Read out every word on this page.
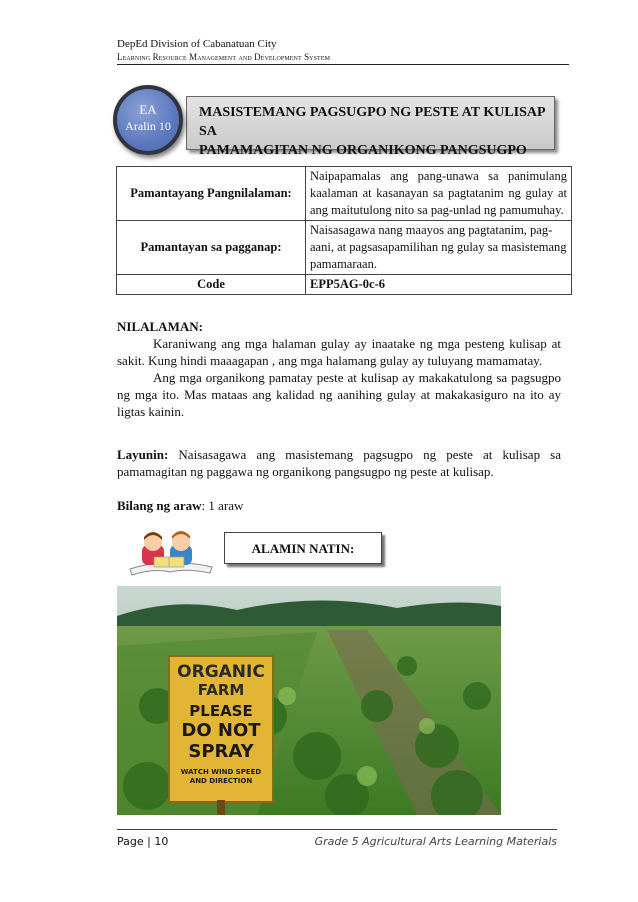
DepEd Division of Cabanatuan City
Learning Resource Management and Development System
MASISTEMANG PAGSUGPO NG PESTE AT KULISAP SA
PAMAMAGITAN NG ORGANIKONG PANGSUGPO
EA
Aralin 10
Pamantayang Pangnilalaman:	Naipapamalas ang pang-unawa sa panimulang kaalaman at kasanayan sa pagtatanim ng gulay at ang maitutulong nito sa pag-unlad ng pamumuhay.
Pamantayan sa pagganap:	Naisasagawa nang maayos ang pagtatanim, pag-aani, at pagsasapamilihan ng gulay sa masistemang pamamaraan.
Code	EPP5AG-0c-6
NILALAMAN:

Karaniwang ang mga halaman gulay ay inaatake ng mga pesteng kulisap at sakit. Kung hindi maaagapan , ang mga halamang gulay ay tuluyang mamamatay.

Ang mga organikong pamatay peste at kulisap ay makakatulong sa pagsugpo ng mga ito. Mas mataas ang kalidad ng aanihing gulay at makakasiguro na ito ay ligtas kainin.

Layunin: Naisasagawa ang masistemang pagsugpo ng peste at kulisap sa pamamagitan ng paggawa ng organikong pangsugpo ng peste at kulisap.

Bilang ng araw: 1 araw
ALAMIN NATIN:
ORGANIC
FARM
PLEASE
DO NOT
SPRAY
WATCH WIND SPEED
AND DIRECTION
Page | 10	Grade 5 Agricultural Arts Learning Materials
